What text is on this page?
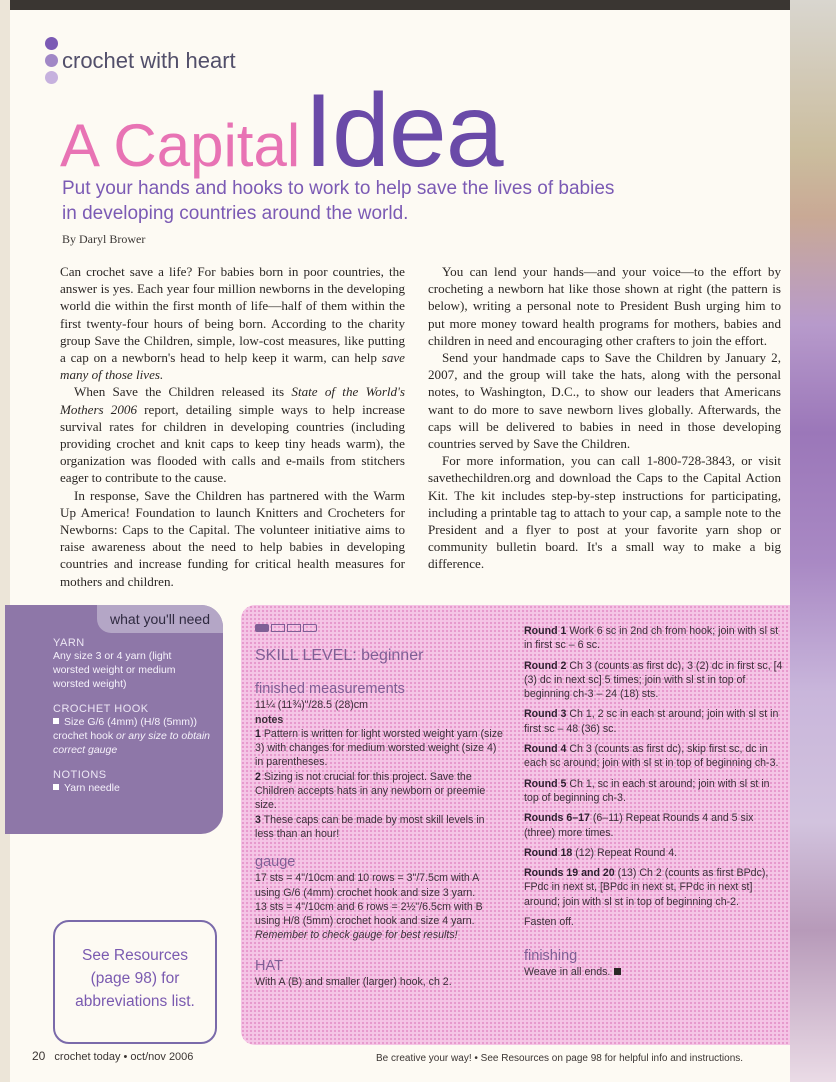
crochet with heart
A Capital Idea
Put your hands and hooks to work to help save the lives of babies in developing countries around the world.
By Daryl Brower

Can crochet save a life? For babies born in poor countries, the answer is yes. Each year four million newborns in the developing world die within the first month of life—half of them within the first twenty-four hours of being born. According to the charity group Save the Children, simple, low-cost measures, like putting a cap on a newborn's head to help keep it warm, can help save many of those lives.

When Save the Children released its State of the World's Mothers 2006 report, detailing simple ways to help increase survival rates for children in developing countries (including providing crochet and knit caps to keep tiny heads warm), the organization was flooded with calls and e-mails from stitchers eager to contribute to the cause.

In response, Save the Children has partnered with the Warm Up America! Foundation to launch Knitters and Crocheters for Newborns: Caps to the Capital. The volunteer initiative aims to raise awareness about the need to help babies in developing countries and increase funding for critical health measures for mothers and children.

You can lend your hands—and your voice—to the effort by crocheting a newborn hat like those shown at right (the pattern is below), writing a personal note to President Bush urging him to put more money toward health programs for mothers, babies and children in need and encouraging other crafters to join the effort.

Send your handmade caps to Save the Children by January 2, 2007, and the group will take the hats, along with the personal notes, to Washington, D.C., to show our leaders that Americans want to do more to save newborn lives globally. Afterwards, the caps will be delivered to babies in need in those developing countries served by Save the Children.

For more information, you can call 1-800-728-3843, or visit savethechildren.org and download the Caps to the Capital Action Kit. The kit includes step-by-step instructions for participating, including a printable tag to attach to your cap, a sample note to the President and a flyer to post at your favorite yarn shop or community bulletin board. It's a small way to make a big difference.

what you'll need
YARN
Any size 3 or 4 yarn (light worsted weight or medium worsted weight)
CROCHET HOOK
Size G/6 (4mm) (H/8 (5mm)) crochet hook or any size to obtain correct gauge
NOTIONS
Yarn needle
See Resources (page 98) for abbreviations list.
SKILL LEVEL: beginner
finished measurements

11¼ (11¾)"/28.5 (28)cm

notes

1 Pattern is written for light worsted weight yarn (size 3) with changes for medium worsted weight (size 4) in parentheses.

2 Sizing is not crucial for this project. Save the Children accepts hats in any newborn or preemie size.

3 These caps can be made by most skill levels in less than an hour!

gauge

17 sts = 4"/10cm and 10 rows = 3"/7.5cm with A using G/6 (4mm) crochet hook and size 3 yarn.

13 sts = 4"/10cm and 6 rows = 2½"/6.5cm with B using H/8 (5mm) crochet hook and size 4 yarn.

Remember to check gauge for best results!

HAT

With A (B) and smaller (larger) hook, ch 2.

Round 1 Work 6 sc in 2nd ch from hook; join with sl st in first sc – 6 sc.

Round 2 Ch 3 (counts as first dc), 3 (2) dc in first sc, [4 (3) dc in next sc] 5 times; join with sl st in top of beginning ch-3 – 24 (18) sts.

Round 3 Ch 1, 2 sc in each st around; join with sl st in first sc – 48 (36) sc.

Round 4 Ch 3 (counts as first dc), skip first sc, dc in each sc around; join with sl st in top of beginning ch-3.

Round 5 Ch 1, sc in each st around; join with sl st in top of beginning ch-3.

Rounds 6–17 (6–11) Repeat Rounds 4 and 5 six (three) more times.

Round 18 (12) Repeat Round 4.

Rounds 19 and 20 (13) Ch 2 (counts as first BPdc), FPdc in next st, [BPdc in next st, FPdc in next st] around; join with sl st in top of beginning ch-2.

Fasten off.

finishing

Weave in all ends.

20 crochet today • oct/nov 2006	Be creative your way! • See Resources on page 98 for helpful info and instructions.
